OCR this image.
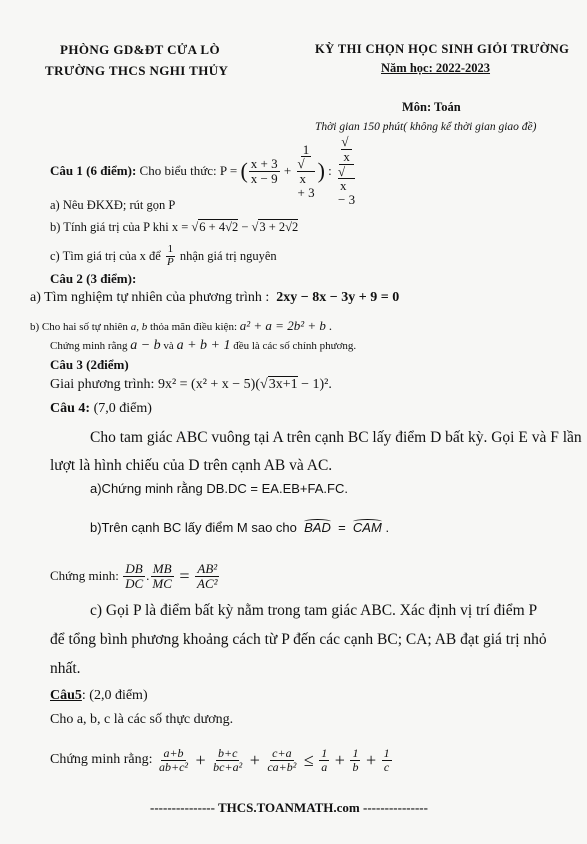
PHÒNG GD&ĐT CỬA LÒ
TRƯỜNG THCS NGHI THỦY
KỲ THI CHỌN HỌC SINH GIỎI TRƯỜNG
Năm học: 2022-2023
Môn: Toán
Thời gian 150 phút( không kể thời gian giao đề)
Câu 1 (6 điểm):
Cho biểu thức: P =
( $\frac{x + 3}{x - 9} + 1$
√
x
+ 3 ) : √
x
√
x
− 3
a) Nêu ĐKXĐ; rút gọn P
b) Tính giá trị của P khi x = √6 + 4√2 − √3 + 2√2
c) Tìm giá trị của x để
$\frac{1}{P}$
nhận giá trị nguyên
Câu 2 (3 điểm):
a) Tìm nghiệm tự nhiên của phương trình : 2xy − 8x − 3y + 9 = 0
b) Cho hai số tự nhiên a, b thỏa mãn điều kiện: a² + a = 2b² + b .
Chứng minh rằng a − b và a + b + 1 đều là các số chính phương.
Câu 3 (2điểm)
Giai phương trình: 9x² = (x² + x − 5)(√3x+1 − 1)².
Câu 4: (7,0 điểm)
Cho tam giác ABC vuông tại A trên cạnh BC lấy điểm D bất kỳ. Gọi E và F lần
lượt là hình chiếu của D trên cạnh AB và AC.
a)Chứng minh rằng DB.DC = EA.EB+FA.FC.
b)Trên cạnh BC lấy điểm M sao cho BAD = CAM .
Chứng minh:
$\frac{DB}{DC}$ . $\frac{MB}{MC} = \frac{\text{AB²}}{\text{AC²}}$
c) Gọi P là điểm bất kỳ nằm trong tam giác ABC. Xác định vị trí điểm P
để tổng bình phương khoảng cách từ P đến các cạnh BC; CA; AB đạt giá trị nhỏ
nhất.
Câu5: (2,0 điểm)
Cho a, b, c là các số thực dương.
Chứng minh rằng:
$\frac{a+b}{\text{ab+c²}} + \frac{b+c}{\text{bc+a²}} + \frac{c+a}{\text{ca+b²}} \le \frac{1}{a} + \frac{1}{b} + \frac{1}{c}$
--------------- THCS.TOANMATH.com ---------------
